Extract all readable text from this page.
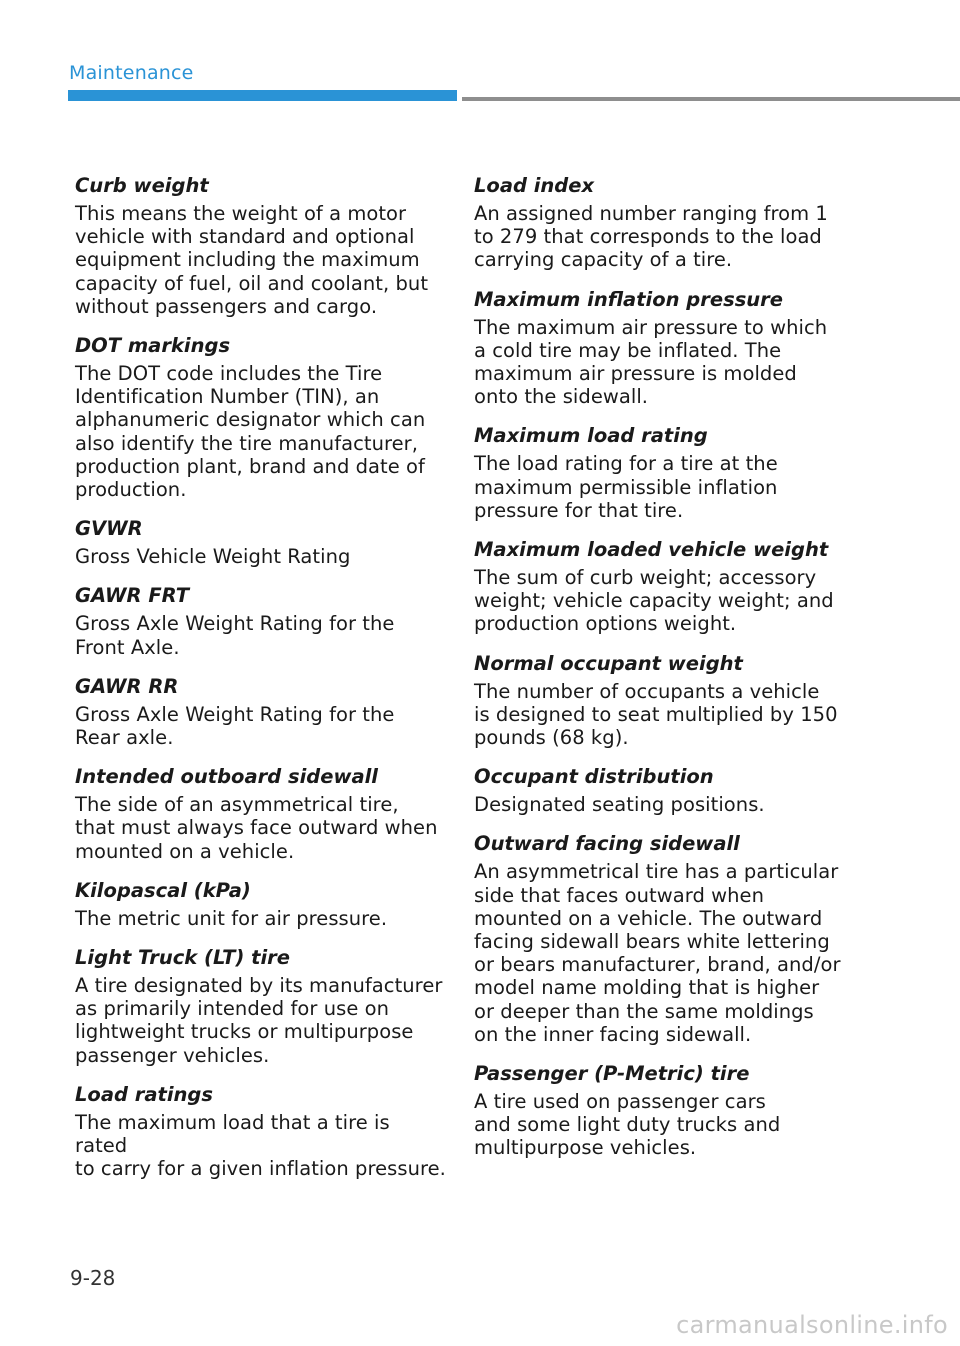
Maintenance
Curb weight
This means the weight of a motor
vehicle with standard and optional
equipment including the maximum
capacity of fuel, oil and coolant, but
without passengers and cargo.
DOT markings
The DOT code includes the Tire
Identification Number (TIN), an
alphanumeric designator which can
also identify the tire manufacturer,
production plant, brand and date of
production.
GVWR
Gross Vehicle Weight Rating
GAWR FRT
Gross Axle Weight Rating for the
Front Axle.
GAWR RR
Gross Axle Weight Rating for the
Rear axle.
Intended outboard sidewall
The side of an asymmetrical tire,
that must always face outward when
mounted on a vehicle.
Kilopascal (kPa)
The metric unit for air pressure.
Light Truck (LT) tire
A tire designated by its manufacturer
as primarily intended for use on
lightweight trucks or multipurpose
passenger vehicles.
Load ratings
The maximum load that a tire is rated
to carry for a given inflation pressure.
Load index
An assigned number ranging from 1
to 279 that corresponds to the load
carrying capacity of a tire.
Maximum inflation pressure
The maximum air pressure to which
a cold tire may be inflated. The
maximum air pressure is molded
onto the sidewall.
Maximum load rating
The load rating for a tire at the
maximum permissible inflation
pressure for that tire.
Maximum loaded vehicle weight
The sum of curb weight; accessory
weight; vehicle capacity weight; and
production options weight.
Normal occupant weight
The number of occupants a vehicle
is designed to seat multiplied by 150
pounds (68 kg).
Occupant distribution
Designated seating positions.
Outward facing sidewall
An asymmetrical tire has a particular
side that faces outward when
mounted on a vehicle. The outward
facing sidewall bears white lettering
or bears manufacturer, brand, and/or
model name molding that is higher
or deeper than the same moldings
on the inner facing sidewall.
Passenger (P-Metric) tire
A tire used on passenger cars
and some light duty trucks and
multipurpose vehicles.
9-28
carmanualsonline.info
